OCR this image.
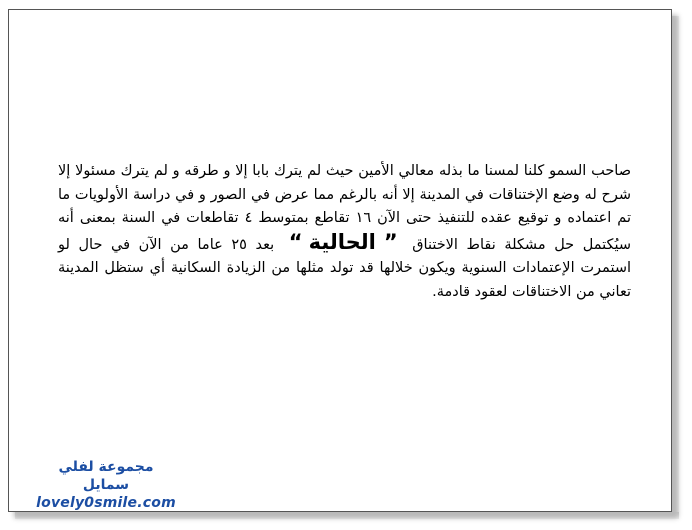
صاحب السمو كلنا لمسنا ما بذله معالي الأمين حيث لم يترك بابا إلا و طرقه و لم يترك مسئولا إلا شرح له وضع الإختناقات في المدينة إلا أنه بالرغم مما عرض في الصور و في دراسة الأولويات ما تم اعتماده و توقيع عقده للتنفيذ حتى الآن ١٦ تقاطع بمتوسط ٤ تقاطعات في السنة بمعنى أنه سيُكتمل حل مشكلة نقاط الاختناق ”الحالية“ بعد ٢٥ عاما من الآن في حال لو استمرت الإعتمادات السنوية ويكون خلالها قد تولد مثلها من الزيادة السكانية أي ستظل المدينة تعاني من الاختناقات لعقود قادمة.

مجموعة لفلي سمايل
lovely0smile.com
